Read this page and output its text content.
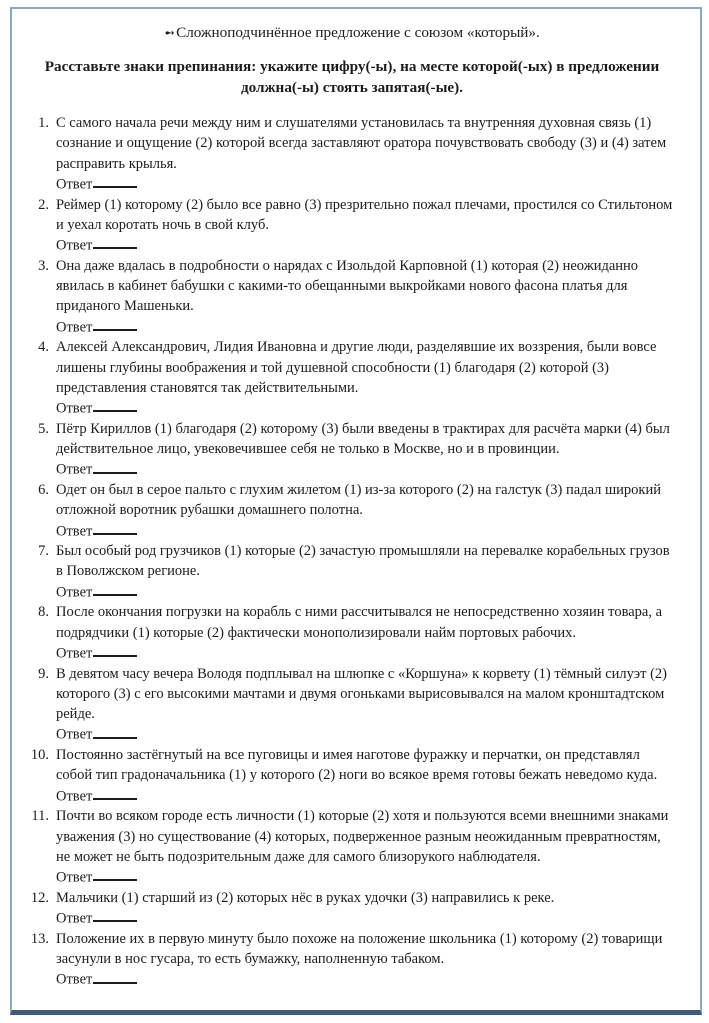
➻Сложноподчинённое предложение с союзом «который».
Расставьте знаки препинания: укажите цифру(-ы), на месте которой(-ых) в предложении
должна(-ы) стоять запятая(-ые).
1. С самого начала речи между ним и слушателями установилась та внутренняя духовная связь (1) сознание и ощущение (2) которой всегда заставляют оратора почувствовать свободу (3) и (4) затем расправить крылья.
Ответ
2. Реймер (1) которому (2) было все равно (3) презрительно пожал плечами, простился со Стильтоном и уехал коротать ночь в свой клуб.
Ответ
3. Она даже вдалась в подробности о нарядах с Изольдой Карповной (1) которая (2) неожиданно явилась в кабинет бабушки с какими-то обещанными выкройками нового фасона платья для приданого Машеньки.
Ответ
4. Алексей Александрович, Лидия Ивановна и другие люди, разделявшие их воззрения, были вовсе лишены глубины воображения и той душевной способности (1) благодаря (2) которой (3) представления становятся так действительными.
Ответ
5. Пётр Кириллов (1) благодаря (2) которому (3) были введены в трактирах для расчёта марки (4) был действительное лицо, увековечившее себя не только в Москве, но и в провинции.
Ответ
6. Одет он был в серое пальто с глухим жилетом (1) из-за которого (2) на галстук (3) падал широкий отложной воротник рубашки домашнего полотна.
Ответ
7. Был особый род грузчиков (1) которые (2) зачастую промышляли на перевалке корабельных грузов в Поволжском регионе.
Ответ
8. После окончания погрузки на корабль с ними рассчитывался не непосредственно хозяин товара, а подрядчики (1) которые (2) фактически монополизировали найм портовых рабочих.
Ответ
9. В девятом часу вечера Володя подплывал на шлюпке с «Коршуна» к корвету (1) тёмный силуэт (2) которого (3) с его высокими мачтами и двумя огоньками вырисовывался на малом кронштадтском рейде.
Ответ
10. Постоянно застёгнутый на все пуговицы и имея наготове фуражку и перчатки, он представлял собой тип градоначальника (1) у которого (2) ноги во всякое время готовы бежать неведомо куда.
Ответ
11. Почти во всяком городе есть личности (1) которые (2) хотя и пользуются всеми внешними знаками уважения (3) но существование (4) которых, подверженное разным неожиданным превратностям, не может не быть подозрительным даже для самого близорукого наблюдателя.
Ответ
12. Мальчики (1) старший из (2) которых нёс в руках удочки (3) направились к реке.
Ответ
13. Положение их в первую минуту было похоже на положение школьника (1) которому (2) товарищи засунули в нос гусара, то есть бумажку, наполненную табаком.
Ответ
